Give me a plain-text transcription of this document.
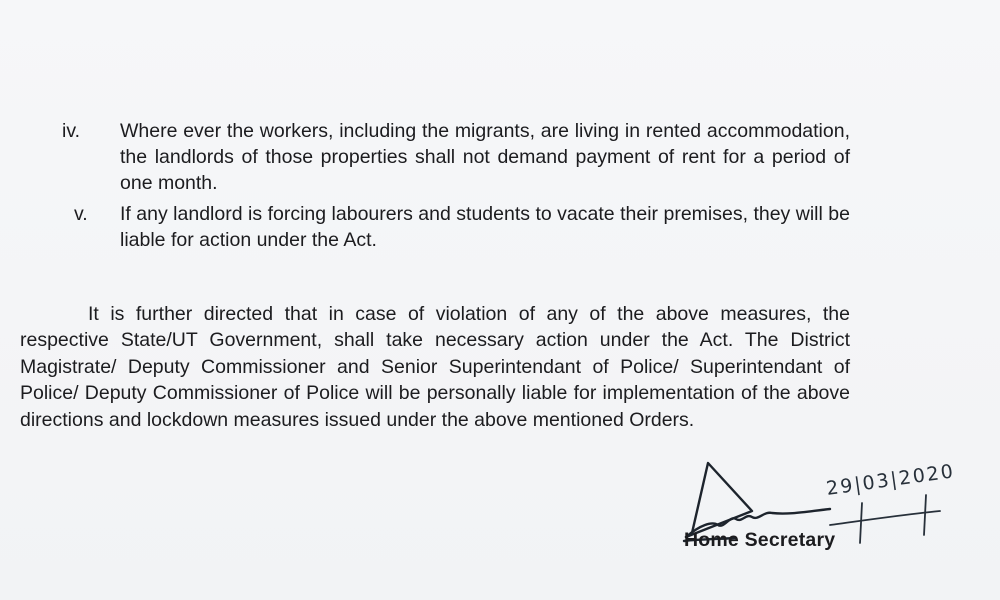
iv. Where ever the workers, including the migrants, are living in rented accommodation, the landlords of those properties shall not demand payment of rent for a period of one month.
v. If any landlord is forcing labourers and students to vacate their premises, they will be liable for action under the Act.
It is further directed that in case of violation of any of the above measures, the respective State/UT Government, shall take necessary action under the Act. The District Magistrate/ Deputy Commissioner and Senior Superintendant of Police/ Superintendant of Police/ Deputy Commissioner of Police will be personally liable for implementation of the above directions and lockdown measures issued under the above mentioned Orders.
29|03|2020
Home Secretary
